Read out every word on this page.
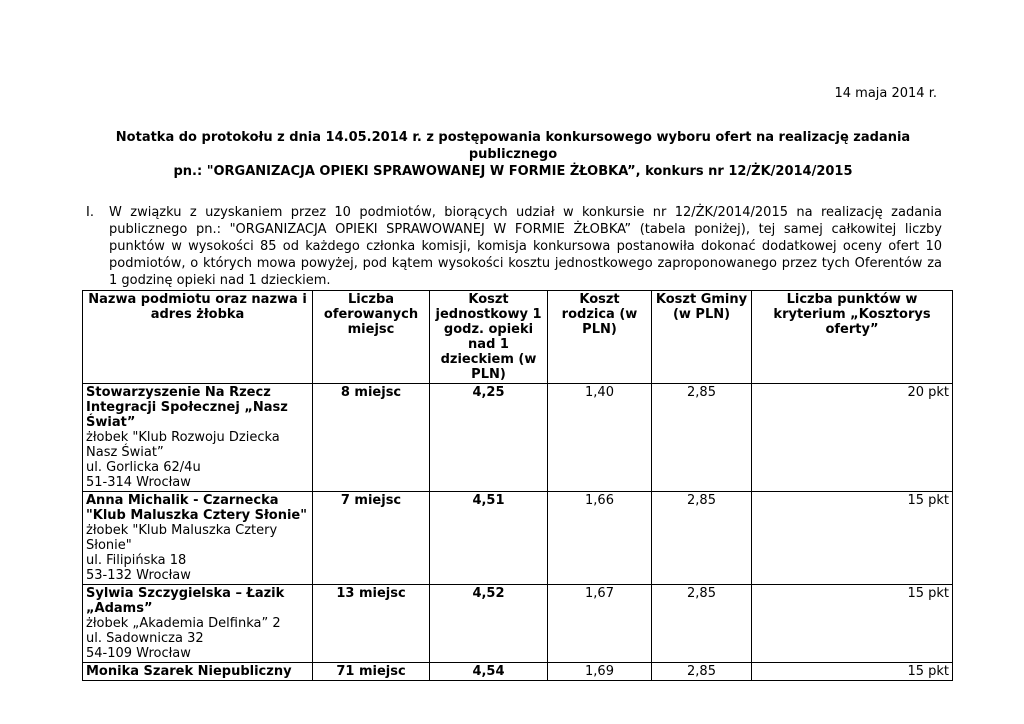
14 maja 2014 r.
Notatka do protokołu z dnia 14.05.2014 r. z postępowania konkursowego wyboru ofert na realizację zadania publicznego
pn.: "ORGANIZACJA OPIEKI SPRAWOWANEJ W FORMIE ŻŁOBKA”, konkurs nr 12/ŻK/2014/2015
I. W związku z uzyskaniem przez 10 podmiotów, biorących udział w konkursie nr 12/ŻK/2014/2015 na realizację zadania publicznego pn.: "ORGANIZACJA OPIEKI SPRAWOWANEJ W FORMIE ŻŁOBKA” (tabela poniżej), tej samej całkowitej liczby punktów w wysokości 85 od każdego członka komisji, komisja konkursowa postanowiła dokonać dodatkowej oceny ofert 10 podmiotów, o których mowa powyżej, pod kątem wysokości kosztu jednostkowego zaproponowanego przez tych Oferentów za 1 godzinę opieki nad 1 dzieckiem.
Nazwa podmiotu oraz nazwa i adres żłobka	Liczba oferowanych miejsc	Koszt jednostkowy 1 godz. opieki nad 1 dzieckiem (w PLN)	Koszt rodzica (w PLN)	Koszt Gminy (w PLN)	Liczba punktów w kryterium „Kosztorys oferty”

Stowarzyszenie Na Rzecz Integracji Społecznej „Nasz Świat”
żłobek "Klub Rozwoju Dziecka Nasz Świat”
ul. Gorlicka 62/4u
51-314 Wrocław	8 miejsc	4,25	1,40	2,85	20 pkt

Anna Michalik - Czarnecka "Klub Maluszka Cztery Słonie"
żłobek "Klub Maluszka Cztery Słonie"
ul. Filipińska 18
53-132 Wrocław	7 miejsc	4,51	1,66	2,85	15 pkt

Sylwia Szczygielska – Łazik „Adams”
żłobek „Akademia Delfinka” 2
ul. Sadownicza 32
54-109 Wrocław	13 miejsc	4,52	1,67	2,85	15 pkt

Monika Szarek Niepubliczny	71 miejsc	4,54	1,69	2,85	15 pkt
